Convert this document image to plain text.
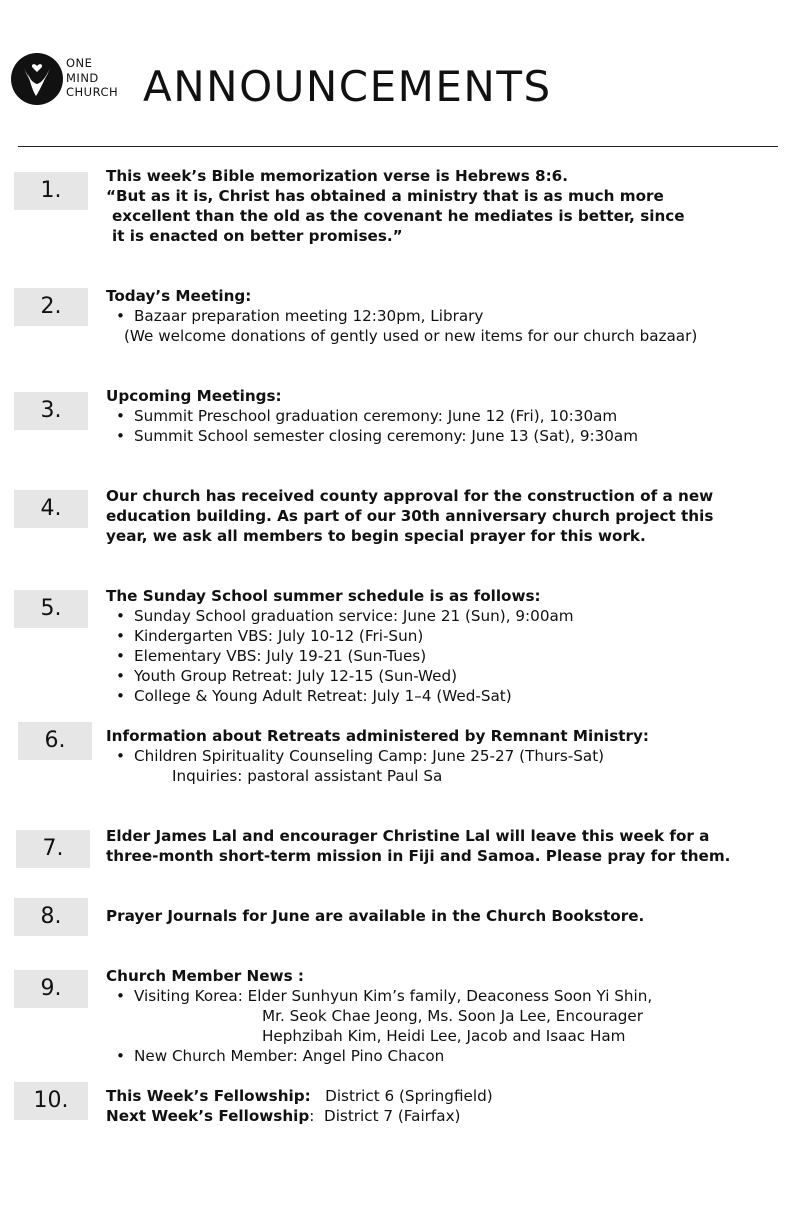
ONE
MIND
CHURCH ANNOUNCEMENTS
1.
This week’s Bible memorization verse is Hebrews 8:6.
“But as it is, Christ has obtained a ministry that is as much more
excellent than the old as the covenant he mediates is better, since
it is enacted on better promises.”
2.	Today’s Meeting:
• Bazaar preparation meeting 12:30pm, Library
(We welcome donations of gently used or new items for our church bazaar)
3.
Upcoming Meetings:
• Summit Preschool graduation ceremony: June 12 (Fri), 10:30am
• Summit School semester closing ceremony: June 13 (Sat), 9:30am
4.	Our church has received county approval for the construction of a new
education building. As part of our 30th anniversary church project this
year, we ask all members to begin special prayer for this work.
5.	The Sunday School summer schedule is as follows:
• Sunday School graduation service: June 21 (Sun), 9:00am
• Kindergarten VBS: July 10-12 (Fri-Sun)
• Elementary VBS: July 19-21 (Sun-Tues)
• Youth Group Retreat: July 12-15 (Sun-Wed)
• College & Young Adult Retreat: July 1–4 (Wed-Sat)
6.	Information about Retreats administered by Remnant Ministry:
• Children Spirituality Counseling Camp: June 25-27 (Thurs-Sat)
Inquiries: pastoral assistant Paul Sa
7.	Elder James Lal and encourager Christine Lal will leave this week for a
three-month short-term mission in Fiji and Samoa. Please pray for them.
8.	Prayer Journals for June are available in the Church Bookstore.
9.	Church Member News :
• Visiting Korea: Elder Sunhyun Kim’s family, Deaconess Soon Yi Shin,
Mr. Seok Chae Jeong, Ms. Soon Ja Lee, Encourager
Hephzibah Kim, Heidi Lee, Jacob and Isaac Ham
• New Church Member: Angel Pino Chacon
10.	This Week’s Fellowship: District 6 (Springfield)
Next Week’s Fellowship:  District 7 (Fairfax)
